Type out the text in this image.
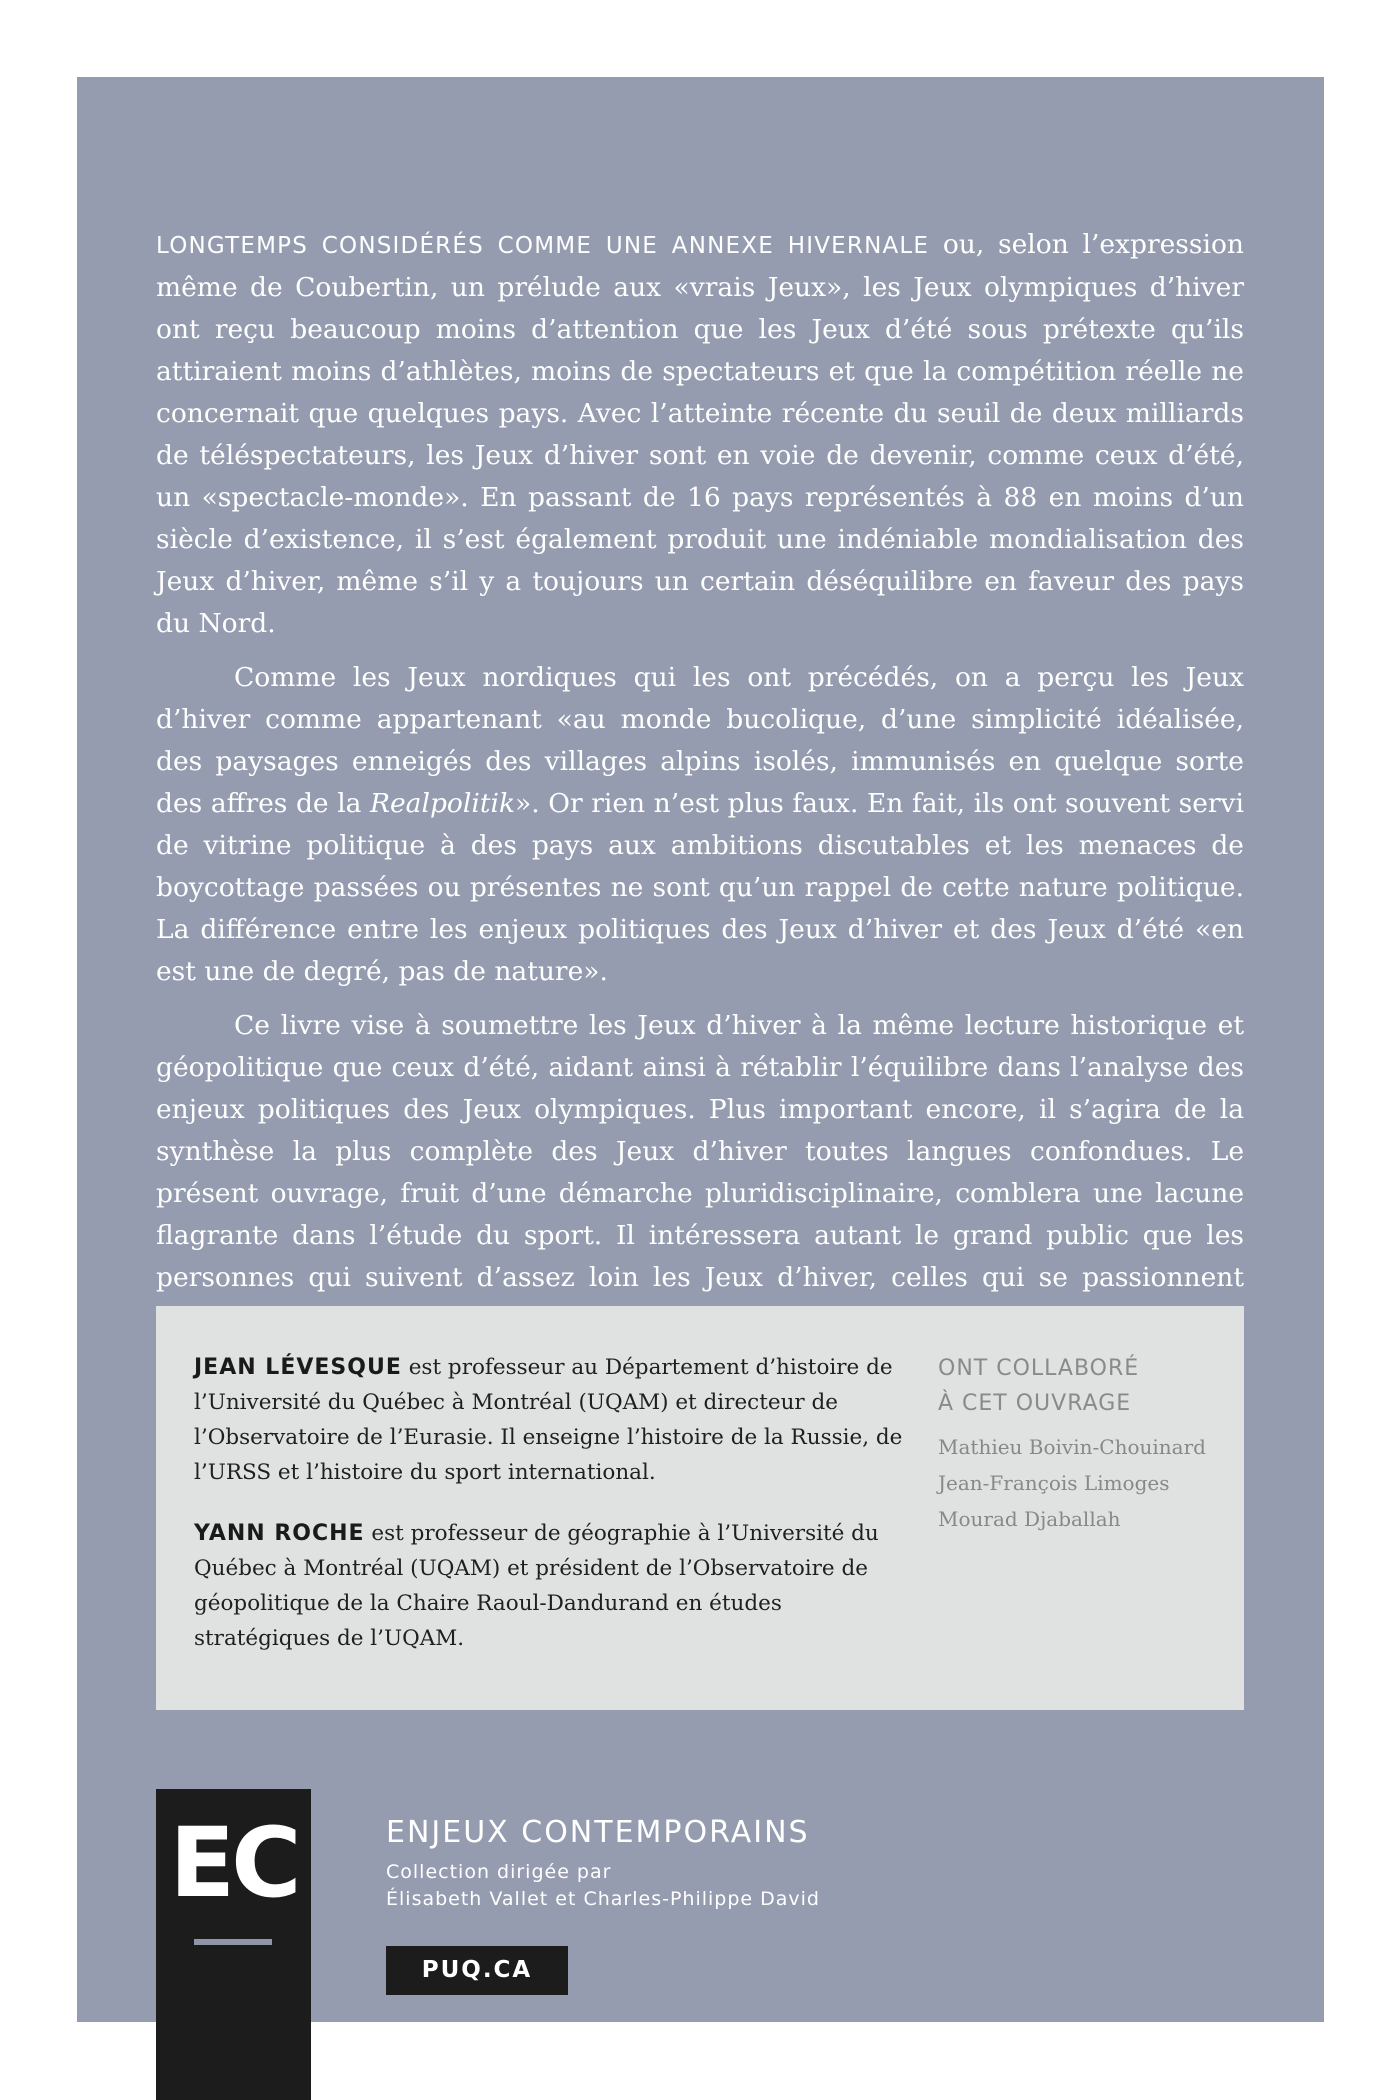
LONGTEMPS CONSIDÉRÉS COMME UNE ANNEXE HIVERNALE ou, selon l’expression même de Coubertin, un prélude aux «vrais Jeux», les Jeux olympiques d’hiver ont reçu beaucoup moins d’attention que les Jeux d’été sous prétexte qu’ils attiraient moins d’athlètes, moins de spectateurs et que la compétition réelle ne concernait que quelques pays. Avec l’atteinte récente du seuil de deux milliards de téléspectateurs, les Jeux d’hiver sont en voie de devenir, comme ceux d’été, un «spectacle-monde». En passant de 16 pays représentés à 88 en moins d’un siècle d’existence, il s’est également produit une indéniable mondialisation des Jeux d’hiver, même s’il y a toujours un certain déséquilibre en faveur des pays du Nord.

Comme les Jeux nordiques qui les ont précédés, on a perçu les Jeux d’hiver comme appartenant «au monde bucolique, d’une simplicité idéalisée, des paysages enneigés des villages alpins isolés, immunisés en quelque sorte des affres de la Realpolitik». Or rien n’est plus faux. En fait, ils ont souvent servi de vitrine politique à des pays aux ambitions discutables et les menaces de boycottage passées ou présentes ne sont qu’un rappel de cette nature politique. La différence entre les enjeux politiques des Jeux d’hiver et des Jeux d’été «en est une de degré, pas de nature».

Ce livre vise à soumettre les Jeux d’hiver à la même lecture historique et géopolitique que ceux d’été, aidant ainsi à rétablir l’équilibre dans l’analyse des enjeux politiques des Jeux olympiques. Plus important encore, il s’agira de la synthèse la plus complète des Jeux d’hiver toutes langues confondues. Le présent ouvrage, fruit d’une démarche pluridisciplinaire, comblera une lacune flagrante dans l’étude du sport. Il intéressera autant le grand public que les personnes qui suivent d’assez loin les Jeux d’hiver, celles qui se passionnent

JEAN LÉVESQUE est professeur au Département d’histoire de l’Université du Québec à Montréal (UQAM) et directeur de l’Observatoire de l’Eurasie. Il enseigne l’histoire de la Russie, de l’URSS et l’histoire du sport international.
YANN ROCHE est professeur de géographie à l’Université du Québec à Montréal (UQAM) et président de l’Observatoire de géopolitique de la Chaire Raoul-Dandurand en études stratégiques de l’UQAM.
ONT COLLABORÉ
À CET OUVRAGE
Mathieu Boivin-Chouinard
Jean-François Limoges
Mourad Djaballah
EC	ENJEUX CONTEMPORAINS
Collection dirigée par
Élisabeth Vallet et Charles-Philippe David
PUQ.CA
